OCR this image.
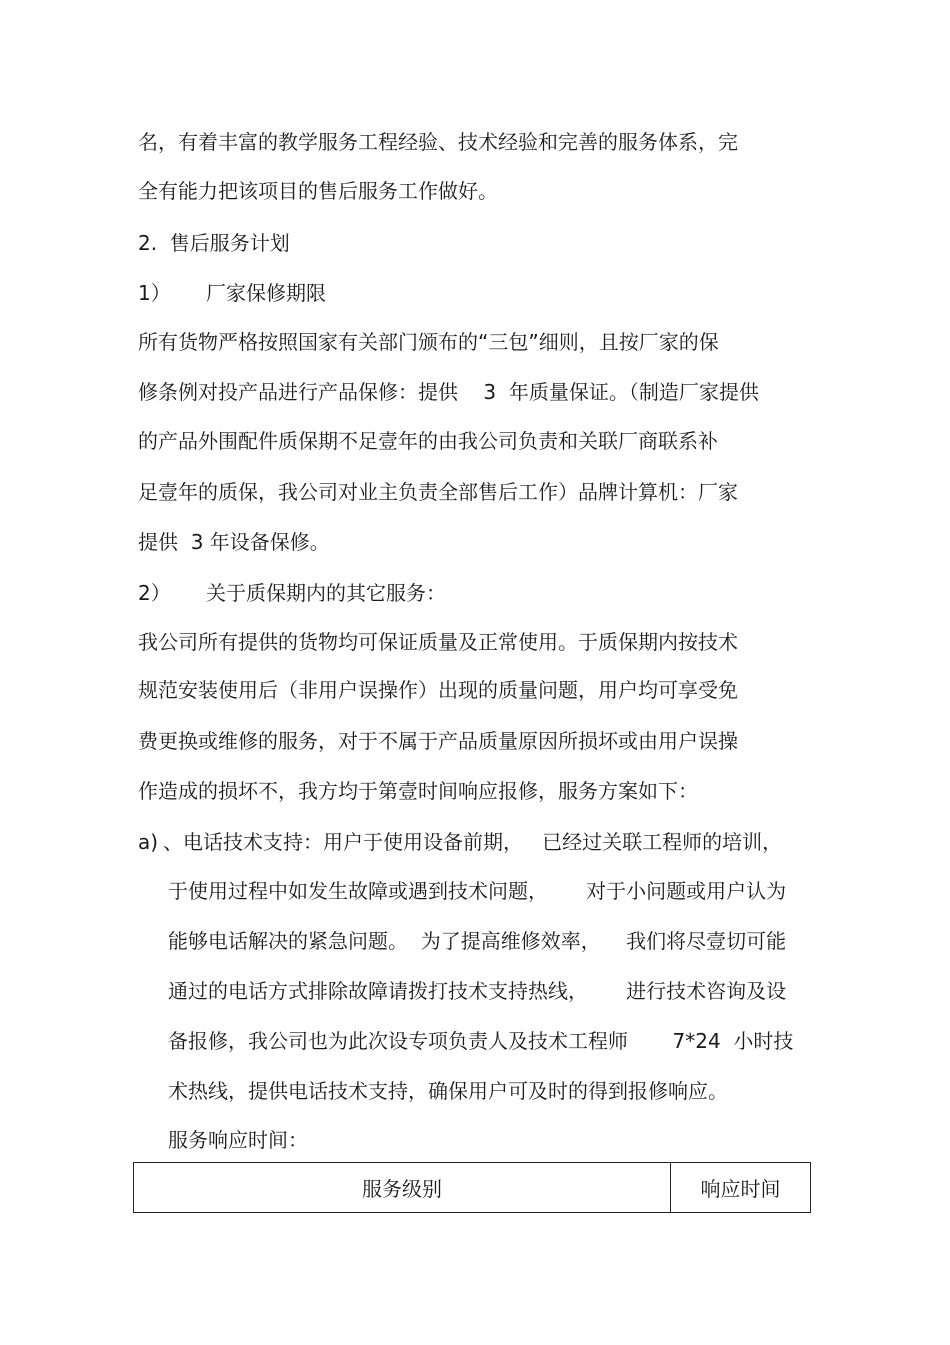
名，有着丰富的教学服务工程经验、技术经验和完善的服务体系，完
全有能力把该项目的售后服务工作做好。
2.  售后服务计划
1） 厂家保修期限
所有货物严格按照国家有关部门颁布的“三包”细则，且按厂家的保
修条例对投产品进行产品保修：提供    3  年质量保证。（制造厂家提供
的产品外围配件质保期不足壹年的由我公司负责和关联厂商联系补
足壹年的质保，我公司对业主负责全部售后工作）品牌计算机：厂家
提供  3 年设备保修。
2） 关于质保期内的其它服务：
我公司所有提供的货物均可保证质量及正常使用。于质保期内按技术
规范安装使用后（非用户误操作）出现的质量问题，用户均可享受免
费更换或维修的服务，对于不属于产品质量原因所损坏或由用户误操
作造成的损坏不，我方均于第壹时间响应报修，服务方案如下：
a) 、电话技术支持：用户于使用设备前期，   已经过关联工程师的培训，
于使用过程中如发生故障或遇到技术问题，      对于小问题或用户认为
能够电话解决的紧急问题。  为了提高维修效率，    我们将尽壹切可能
通过的电话方式排除故障请拨打技术支持热线，      进行技术咨询及设
备报修，我公司也为此次设专项负责人及技术工程师       7*24  小时技
术热线，提供电话技术支持，确保用户可及时的得到报修响应。
服务响应时间：
服务级别	响应时间
